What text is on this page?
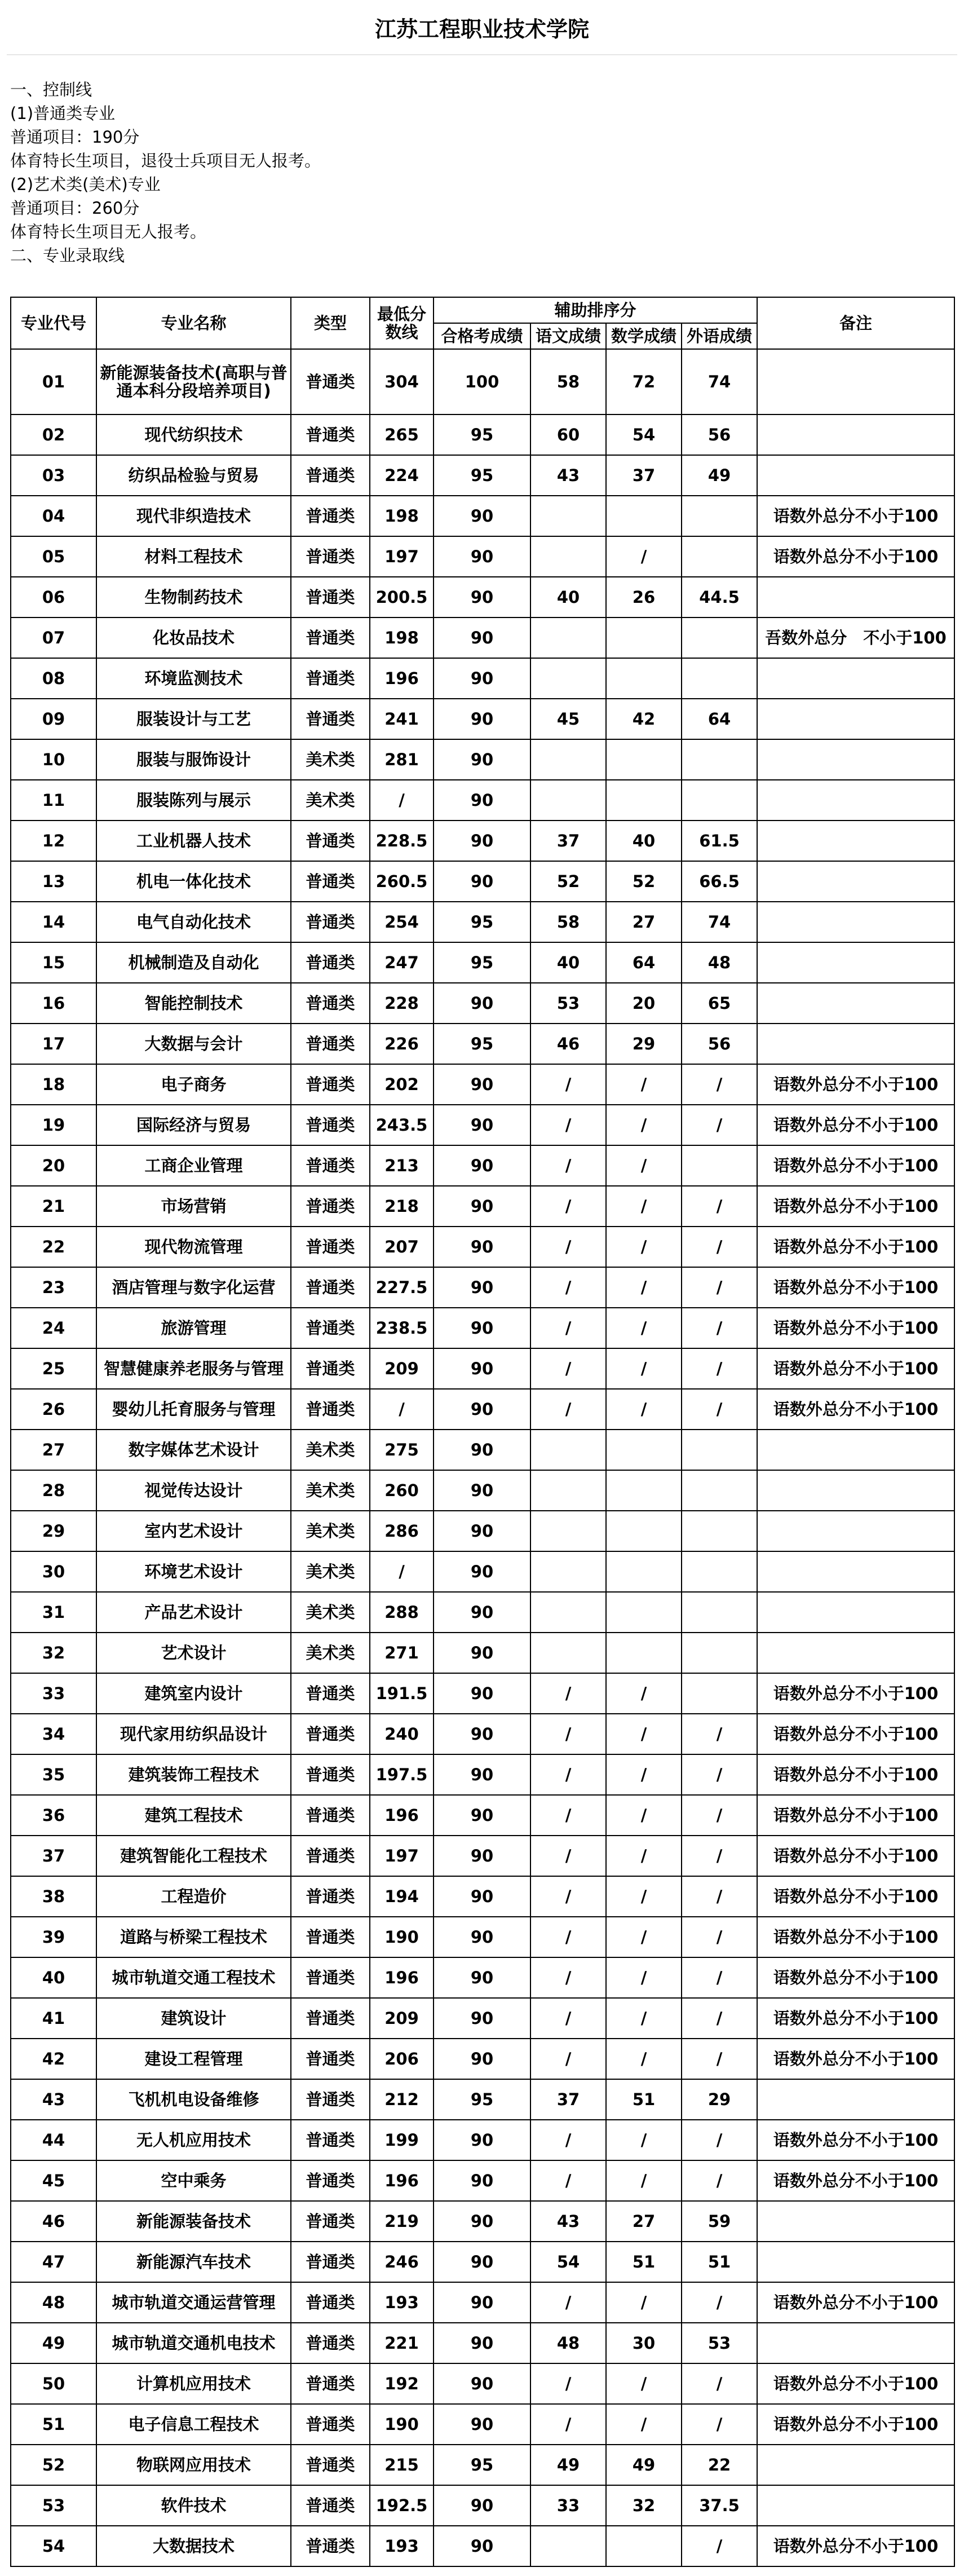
江苏工程职业技术学院
一、控制线
(1)普通类专业
普通项目：190分
体育特长生项目，退役士兵项目无人报考。
(2)艺术类(美术)专业
普通项目：260分
体育特长生项目无人报考。
二、专业录取线
专业代号	专业名称	类型	最低分数线	辅助排序分				备注
				合格考成绩	语文成绩	数学成绩	外语成绩	
01	新能源装备技术(高职与普通本科分段培养项目)	普通类	304	100	58	72	74	
02	现代纺织技术	普通类	265	95	60	54	56	
03	纺织品检验与贸易	普通类	224	95	43	37	49	
04	现代非织造技术	普通类	198	90				语数外总分不小于100
05	材料工程技术	普通类	197	90		/		语数外总分不小于100
06	生物制药技术	普通类	200.5	90	40	26	44.5	
07	化妆品技术	普通类	198	90				吾数外总分　不小于100
08	环境监测技术	普通类	196	90				
09	服装设计与工艺	普通类	241	90	45	42	64	
10	服装与服饰设计	美术类	281	90				
11	服装陈列与展示	美术类	/	90				
12	工业机器人技术	普通类	228.5	90	37	40	61.5	
13	机电一体化技术	普通类	260.5	90	52	52	66.5	
14	电气自动化技术	普通类	254	95	58	27	74	
15	机械制造及自动化	普通类	247	95	40	64	48	
16	智能控制技术	普通类	228	90	53	20	65	
17	大数据与会计	普通类	226	95	46	29	56	
18	电子商务	普通类	202	90	/	/	/	语数外总分不小于100
19	国际经济与贸易	普通类	243.5	90	/	/	/	语数外总分不小于100
20	工商企业管理	普通类	213	90	/	/		语数外总分不小于100
21	市场营销	普通类	218	90	/	/	/	语数外总分不小于100
22	现代物流管理	普通类	207	90	/	/	/	语数外总分不小于100
23	酒店管理与数字化运营	普通类	227.5	90	/	/	/	语数外总分不小于100
24	旅游管理	普通类	238.5	90	/	/	/	语数外总分不小于100
25	智慧健康养老服务与管理	普通类	209	90	/	/	/	语数外总分不小于100
26	婴幼儿托育服务与管理	普通类	/	90	/	/	/	语数外总分不小于100
27	数字媒体艺术设计	美术类	275	90				
28	视觉传达设计	美术类	260	90				
29	室内艺术设计	美术类	286	90				
30	环境艺术设计	美术类	/	90				
31	产品艺术设计	美术类	288	90				
32	艺术设计	美术类	271	90				
33	建筑室内设计	普通类	191.5	90	/	/		语数外总分不小于100
34	现代家用纺织品设计	普通类	240	90	/	/	/	语数外总分不小于100
35	建筑装饰工程技术	普通类	197.5	90	/	/	/	语数外总分不小于100
36	建筑工程技术	普通类	196	90	/	/	/	语数外总分不小于100
37	建筑智能化工程技术	普通类	197	90	/	/	/	语数外总分不小于100
38	工程造价	普通类	194	90	/	/	/	语数外总分不小于100
39	道路与桥梁工程技术	普通类	190	90	/	/	/	语数外总分不小于100
40	城市轨道交通工程技术	普通类	196	90	/	/	/	语数外总分不小于100
41	建筑设计	普通类	209	90	/	/	/	语数外总分不小于100
42	建设工程管理	普通类	206	90	/	/	/	语数外总分不小于100
43	飞机机电设备维修	普通类	212	95	37	51	29	
44	无人机应用技术	普通类	199	90	/	/	/	语数外总分不小于100
45	空中乘务	普通类	196	90	/	/	/	语数外总分不小于100
46	新能源装备技术	普通类	219	90	43	27	59	
47	新能源汽车技术	普通类	246	90	54	51	51	
48	城市轨道交通运营管理	普通类	193	90	/	/	/	语数外总分不小于100
49	城市轨道交通机电技术	普通类	221	90	48	30	53	
50	计算机应用技术	普通类	192	90	/	/	/	语数外总分不小于100
51	电子信息工程技术	普通类	190	90	/	/	/	语数外总分不小于100
52	物联网应用技术	普通类	215	95	49	49	22	
53	软件技术	普通类	192.5	90	33	32	37.5	
54	大数据技术	普通类	193	90			/	语数外总分不小于100
